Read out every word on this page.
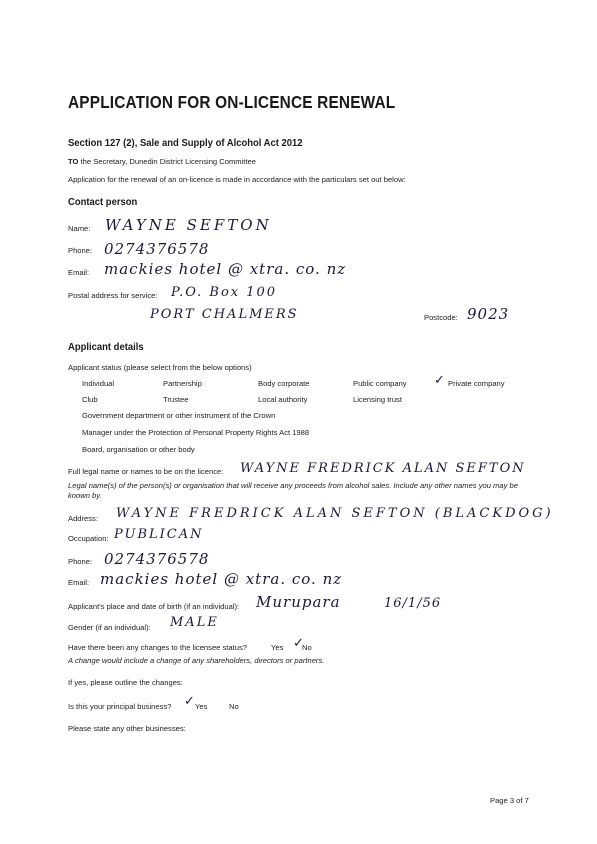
APPLICATION FOR ON-LICENCE RENEWAL
Section 127 (2), Sale and Supply of Alcohol Act 2012
TO the Secretary, Dunedin District Licensing Committee
Application for the renewal of an on-licence is made in accordance with the particulars set out below:
Contact person
Name: WAYNE SEFTON
Phone: 0274376578
Email: mackies hotel @ xtra. co. nz
Postal address for service: P.O. Box 100
PORT CHALMERS	Postcode: 9023
Applicant details
Applicant status (please select from the below options)
Individual	Partnership	Body corporate	Public company ✓ Private company
Club	Trustee	Local authority	Licensing trust
Government department or other instrument of the Crown
Manager under the Protection of Personal Property Rights Act 1988
Board, organisation or other body
Full legal name or names to be on the licence: WAYNE FREDRICK ALAN SEFTON
Legal name(s) of the person(s) or organisation that will receive any proceeds from alcohol sales. Include any other names you may be
known by.
Address: WAYNE FREDRICK ALAN SEFTON (BLACKDOG)
Occupation: PUBLICAN
Phone: 0274376578
Email: mackies hotel @ xtra. co. nz
Applicant's place and date of birth (if an individual): Murupara	16/1/56
Gender (if an individual): MALE
Have there been any changes to the licensee status?	Yes ✓
No
A change would include a change of any shareholders, directors or partners.
If yes, please outline the changes:
Is this your principal business? ✓ Yes	No
Please state any other businesses:
Page 3 of 7
